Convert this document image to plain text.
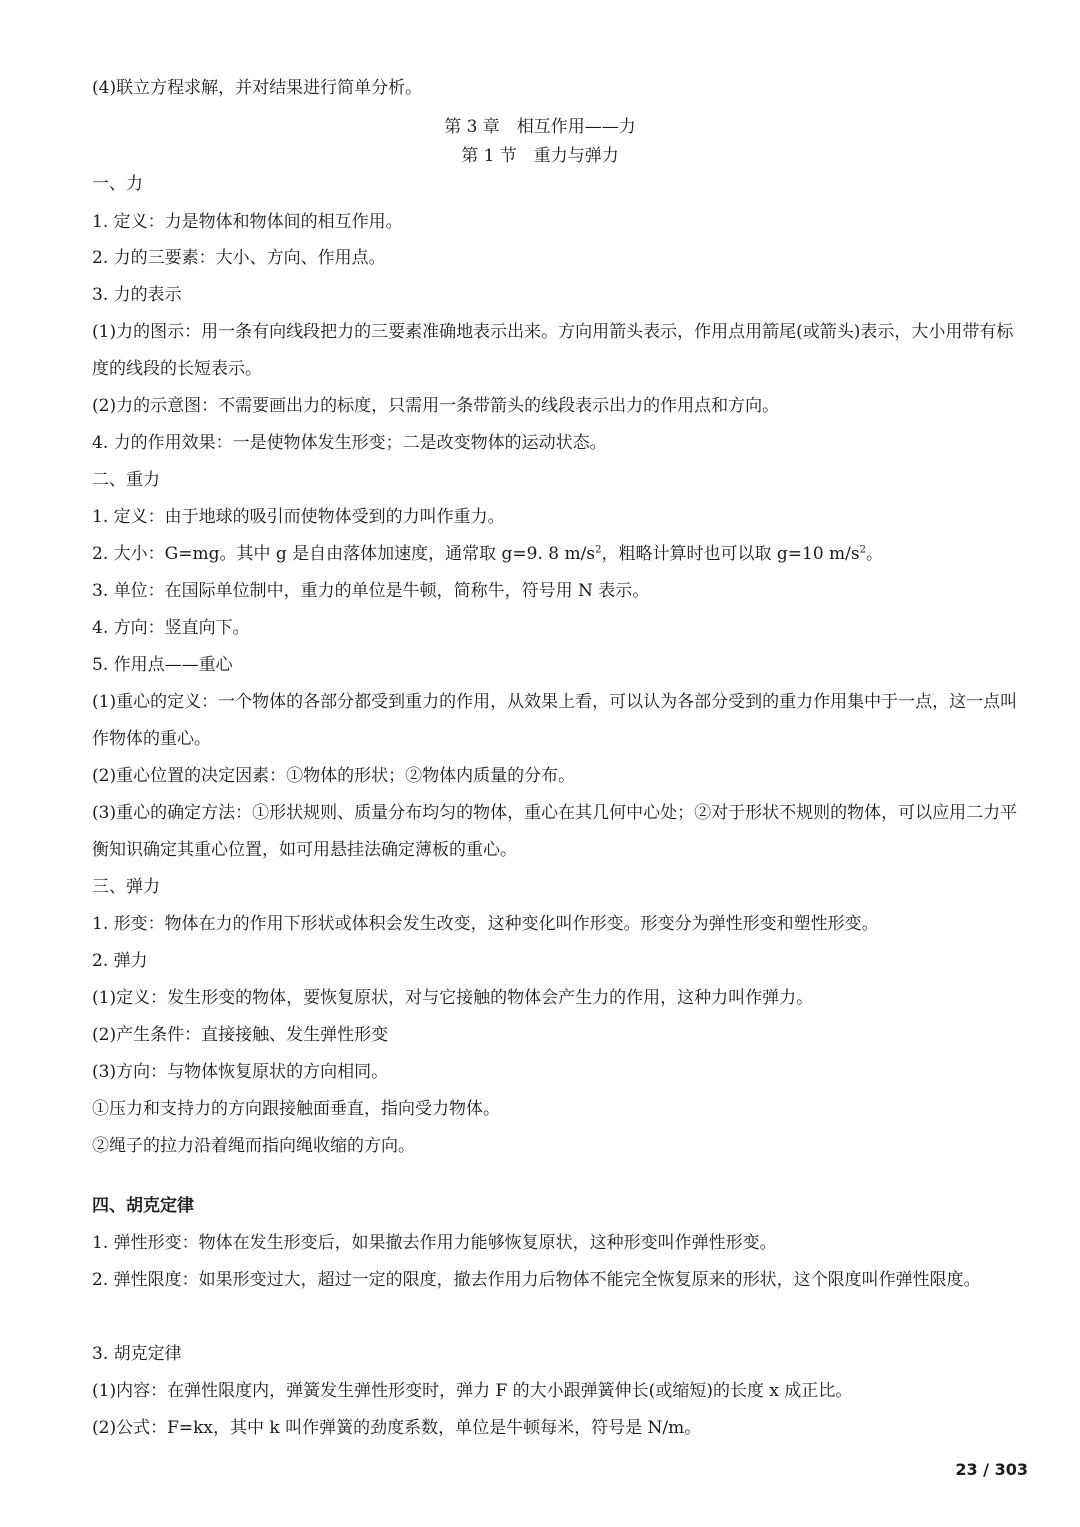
(4)联立方程求解，并对结果进行简单分析。
第 3 章　相互作用——力
第 1 节　重力与弹力
一、力
1. 定义：力是物体和物体间的相互作用。
2. 力的三要素：大小、方向、作用点。
3. 力的表示
(1)力的图示：用一条有向线段把力的三要素准确地表示出来。方向用箭头表示，作用点用箭尾(或箭头)表示，大小用带有标度的线段的长短表示。
(2)力的示意图：不需要画出力的标度，只需用一条带箭头的线段表示出力的作用点和方向。
4. 力的作用效果：一是使物体发生形变；二是改变物体的运动状态。
二、重力
1. 定义：由于地球的吸引而使物体受到的力叫作重力。
2. 大小：G=mg。其中 g 是自由落体加速度，通常取 g=9. 8 $m/s^2$，粗略计算时也可以取 g=10 $m/s^2$。
3. 单位：在国际单位制中，重力的单位是牛顿，简称牛，符号用 N 表示。
4. 方向：竖直向下。
5. 作用点——重心
(1)重心的定义：一个物体的各部分都受到重力的作用，从效果上看，可以认为各部分受到的重力作用集中于一点，这一点叫作物体的重心。
(2)重心位置的决定因素：①物体的形状；②物体内质量的分布。
(3)重心的确定方法：①形状规则、质量分布均匀的物体，重心在其几何中心处；②对于形状不规则的物体，可以应用二力平衡知识确定其重心位置，如可用悬挂法确定薄板的重心。
三、弹力
1. 形变：物体在力的作用下形状或体积会发生改变，这种变化叫作形变。形变分为弹性形变和塑性形变。
2. 弹力
(1)定义：发生形变的物体，要恢复原状，对与它接触的物体会产生力的作用，这种力叫作弹力。
(2)产生条件：直接接触、发生弹性形变
(3)方向：与物体恢复原状的方向相同。
①压力和支持力的方向跟接触面垂直，指向受力物体。
②绳子的拉力沿着绳而指向绳收缩的方向。
四、胡克定律
1. 弹性形变：物体在发生形变后，如果撤去作用力能够恢复原状，这种形变叫作弹性形变。
2. 弹性限度：如果形变过大，超过一定的限度，撤去作用力后物体不能完全恢复原来的形状，这个限度叫作弹性限度。
3. 胡克定律
(1)内容：在弹性限度内，弹簧发生弹性形变时，弹力 F 的大小跟弹簧伸长(或缩短)的长度 x 成正比。
(2)公式：F=kx，其中 k 叫作弹簧的劲度系数，单位是牛顿每米，符号是 N/m。
23 / 303
